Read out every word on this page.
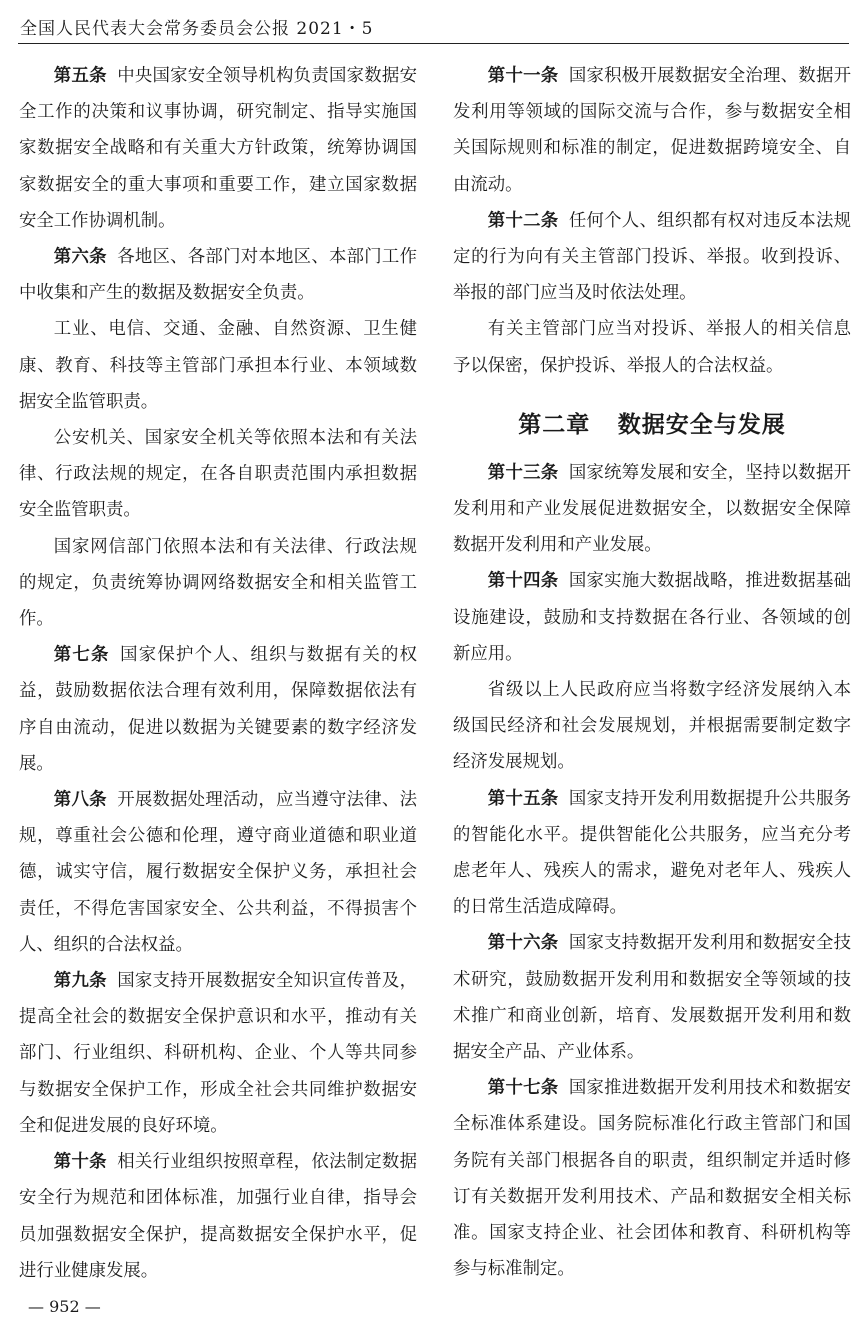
全国人民代表大会常务委员会公报 2021・5

第五条 中央国家安全领导机构负责国家数据安全工作的决策和议事协调，研究制定、指导实施国家数据安全战略和有关重大方针政策，统筹协调国家数据安全的重大事项和重要工作，建立国家数据安全工作协调机制。

第六条 各地区、各部门对本地区、本部门工作中收集和产生的数据及数据安全负责。

工业、电信、交通、金融、自然资源、卫生健康、教育、科技等主管部门承担本行业、本领域数据安全监管职责。

公安机关、国家安全机关等依照本法和有关法律、行政法规的规定，在各自职责范围内承担数据安全监管职责。

国家网信部门依照本法和有关法律、行政法规的规定，负责统筹协调网络数据安全和相关监管工作。

第七条 国家保护个人、组织与数据有关的权益，鼓励数据依法合理有效利用，保障数据依法有序自由流动，促进以数据为关键要素的数字经济发展。

第八条 开展数据处理活动，应当遵守法律、法规，尊重社会公德和伦理，遵守商业道德和职业道德，诚实守信，履行数据安全保护义务，承担社会责任，不得危害国家安全、公共利益，不得损害个人、组织的合法权益。

第九条 国家支持开展数据安全知识宣传普及，提高全社会的数据安全保护意识和水平，推动有关部门、行业组织、科研机构、企业、个人等共同参与数据安全保护工作，形成全社会共同维护数据安全和促进发展的良好环境。

第十条 相关行业组织按照章程，依法制定数据安全行为规范和团体标准，加强行业自律，指导会员加强数据安全保护，提高数据安全保护水平，促进行业健康发展。

第十一条 国家积极开展数据安全治理、数据开发利用等领域的国际交流与合作，参与数据安全相关国际规则和标准的制定，促进数据跨境安全、自由流动。

第十二条 任何个人、组织都有权对违反本法规定的行为向有关主管部门投诉、举报。收到投诉、举报的部门应当及时依法处理。

有关主管部门应当对投诉、举报人的相关信息予以保密，保护投诉、举报人的合法权益。

第二章 数据安全与发展

第十三条 国家统筹发展和安全，坚持以数据开发利用和产业发展促进数据安全，以数据安全保障数据开发利用和产业发展。

第十四条 国家实施大数据战略，推进数据基础设施建设，鼓励和支持数据在各行业、各领域的创新应用。

省级以上人民政府应当将数字经济发展纳入本级国民经济和社会发展规划，并根据需要制定数字经济发展规划。

第十五条 国家支持开发利用数据提升公共服务的智能化水平。提供智能化公共服务，应当充分考虑老年人、残疾人的需求，避免对老年人、残疾人的日常生活造成障碍。

第十六条 国家支持数据开发利用和数据安全技术研究，鼓励数据开发利用和数据安全等领域的技术推广和商业创新，培育、发展数据开发利用和数据安全产品、产业体系。

第十七条 国家推进数据开发利用技术和数据安全标准体系建设。国务院标准化行政主管部门和国务院有关部门根据各自的职责，组织制定并适时修订有关数据开发利用技术、产品和数据安全相关标准。国家支持企业、社会团体和教育、科研机构等参与标准制定。

— 952 —
